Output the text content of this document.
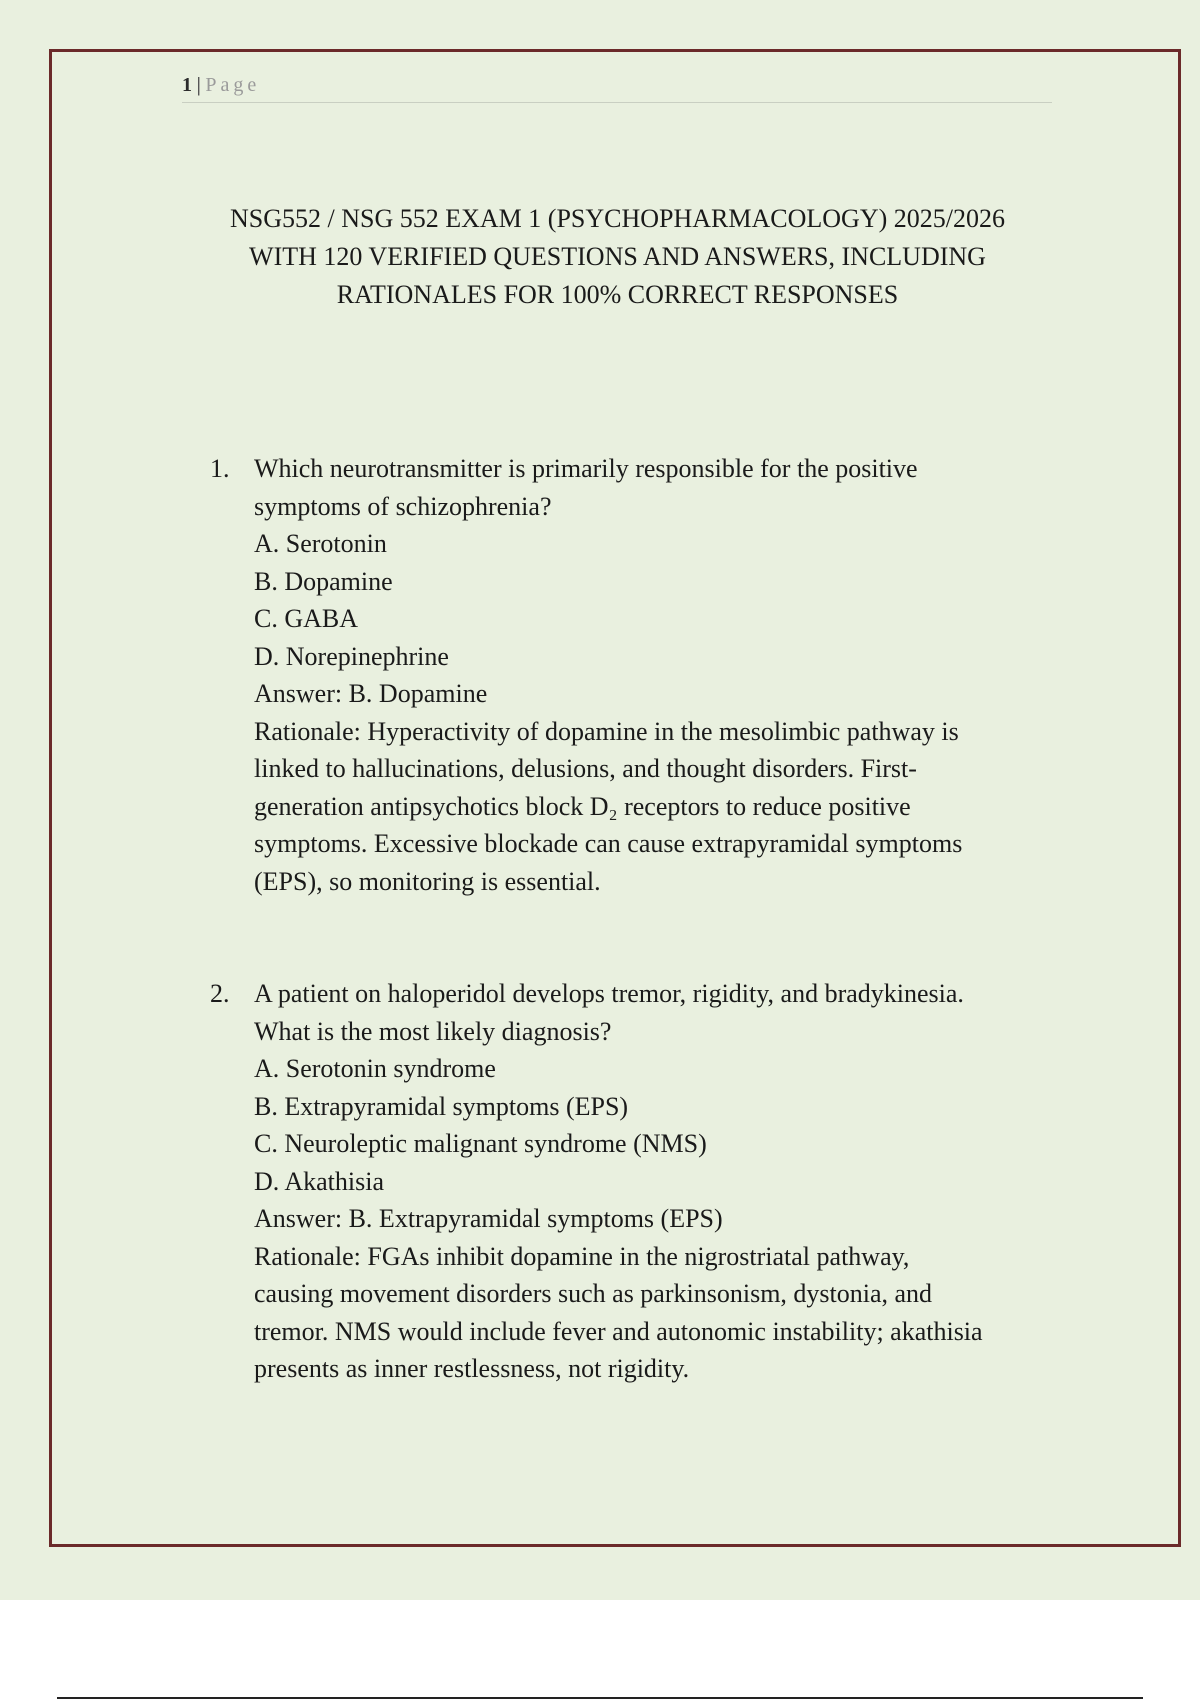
1 | Page
NSG552 / NSG 552 EXAM 1 (PSYCHOPHARMACOLOGY) 2025/2026
WITH 120 VERIFIED QUESTIONS AND ANSWERS, INCLUDING
RATIONALES FOR 100% CORRECT RESPONSES
1. Which neurotransmitter is primarily responsible for the positive
symptoms of schizophrenia?
A. Serotonin
B. Dopamine
C. GABA
D. Norepinephrine
Answer: B. Dopamine
Rationale: Hyperactivity of dopamine in the mesolimbic pathway is
linked to hallucinations, delusions, and thought disorders. First-
generation antipsychotics block D₂ receptors to reduce positive
symptoms. Excessive blockade can cause extrapyramidal symptoms
(EPS), so monitoring is essential.
2. A patient on haloperidol develops tremor, rigidity, and bradykinesia.
What is the most likely diagnosis?
A. Serotonin syndrome
B. Extrapyramidal symptoms (EPS)
C. Neuroleptic malignant syndrome (NMS)
D. Akathisia
Answer: B. Extrapyramidal symptoms (EPS)
Rationale: FGAs inhibit dopamine in the nigrostriatal pathway,
causing movement disorders such as parkinsonism, dystonia, and
tremor. NMS would include fever and autonomic instability; akathisia
presents as inner restlessness, not rigidity.
